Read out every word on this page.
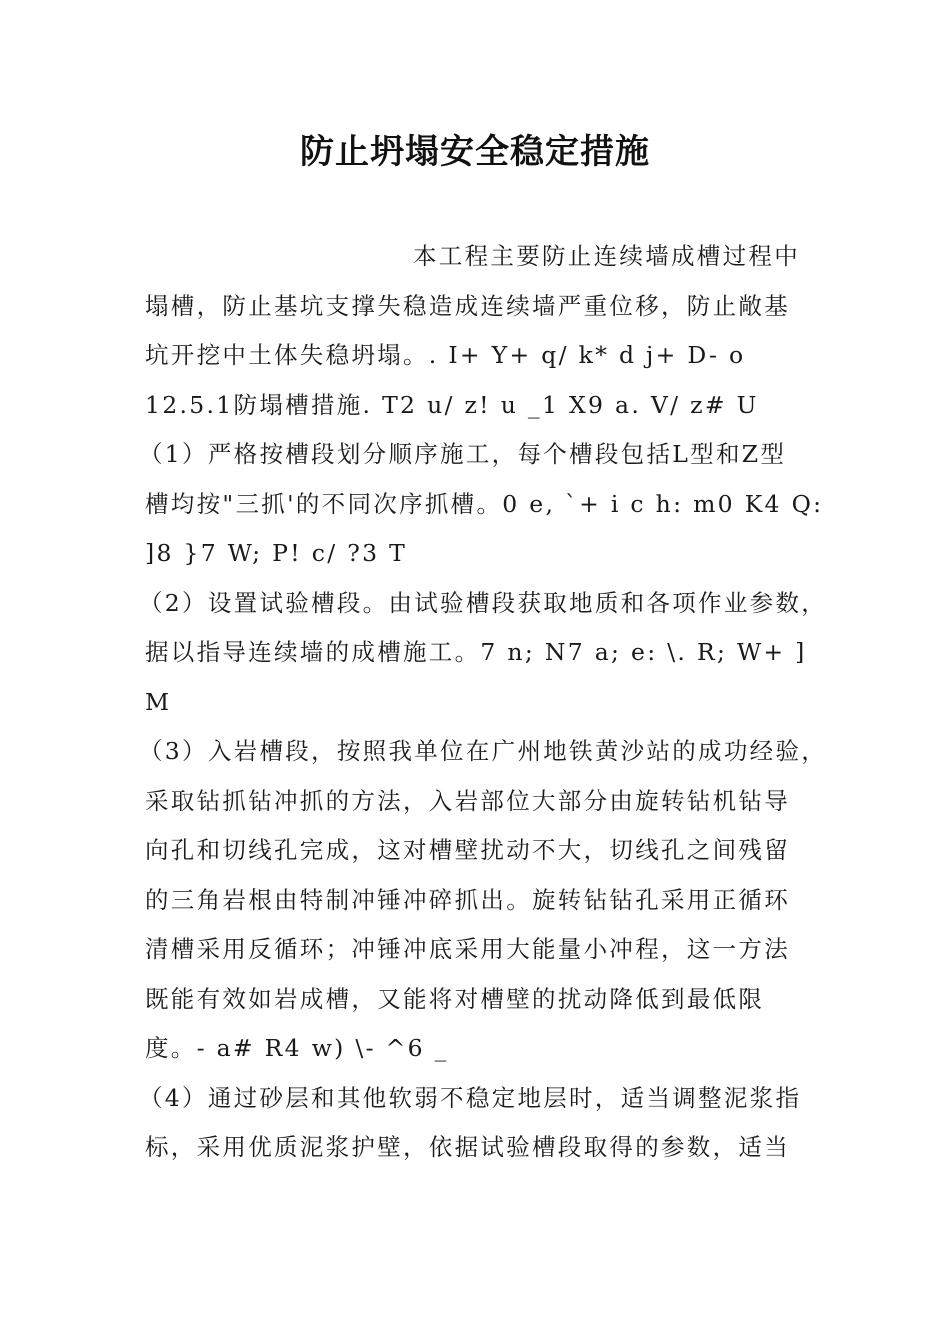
防止坍塌安全稳定措施
本工程主要防止连续墙成槽过程中
塌槽，防止基坑支撑失稳造成连续墙严重位移，防止敞基
坑开挖中土体失稳坍塌。. I+ Y+ q/ k* d j+ D- o
12.5.1防塌槽措施. T2 u/ z! u _1 X9 a. V/ z# U
（1）严格按槽段划分顺序施工，每个槽段包括L型和Z型
槽均按"三抓'的不同次序抓槽。0 e, `+ i c h: m0 K4 Q:
]8 }7 W; P! c/ ?3 T
（2）设置试验槽段。由试验槽段获取地质和各项作业参数，
据以指导连续墙的成槽施工。7 n; N7 a; e: \. R; W+ ]
M
（3）入岩槽段，按照我单位在广州地铁黄沙站的成功经验，
采取钻抓钻冲抓的方法，入岩部位大部分由旋转钻机钻导
向孔和切线孔完成，这对槽壁扰动不大，切线孔之间残留
的三角岩根由特制冲锤冲碎抓出。旋转钻钻孔采用正循环
清槽采用反循环；冲锤冲底采用大能量小冲程，这一方法
既能有效如岩成槽，又能将对槽壁的扰动降低到最低限
度。- a# R4 w) \- ^6 _
（4）通过砂层和其他软弱不稳定地层时，适当调整泥浆指
标，采用优质泥浆护壁，依据试验槽段取得的参数，适当
